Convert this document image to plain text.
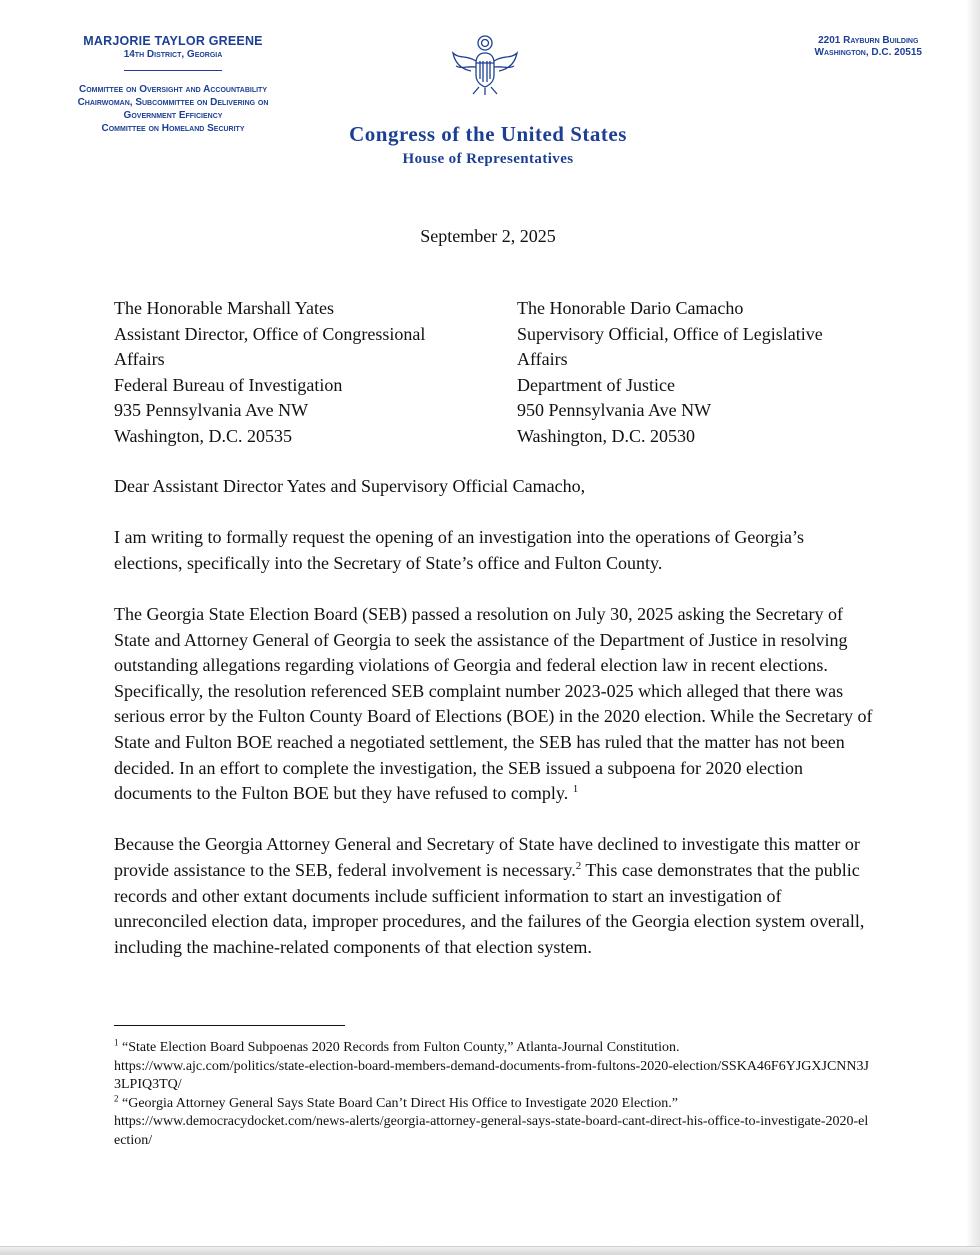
MARJORIE TAYLOR GREENE
14th District, Georgia
Committee on Oversight and Accountability
Chairwoman, Subcommittee on Delivering on
Government Efficiency
Committee on Homeland Security	Congress of the United States
House of Representatives
2201 Rayburn Building
Washington, D.C. 20515
September 2, 2025
The Honorable Marshall Yates
Assistant Director, Office of Congressional
Affairs
Federal Bureau of Investigation
935 Pennsylvania Ave NW
Washington, D.C. 20535
The Honorable Dario Camacho
Supervisory Official, Office of Legislative
Affairs
Department of Justice
950 Pennsylvania Ave NW
Washington, D.C. 20530

Dear Assistant Director Yates and Supervisory Official Camacho,

I am writing to formally request the opening of an investigation into the operations of Georgia’s elections, specifically into the Secretary of State’s office and Fulton County.

The Georgia State Election Board (SEB) passed a resolution on July 30, 2025 asking the Secretary of State and Attorney General of Georgia to seek the assistance of the Department of Justice in resolving outstanding allegations regarding violations of Georgia and federal election law in recent elections. Specifically, the resolution referenced SEB complaint number 2023-025 which alleged that there was serious error by the Fulton County Board of Elections (BOE) in the 2020 election. While the Secretary of State and Fulton BOE reached a negotiated settlement, the SEB has ruled that the matter has not been decided. In an effort to complete the investigation, the SEB issued a subpoena for 2020 election documents to the Fulton BOE but they have refused to comply. $^1$

Because the Georgia Attorney General and Secretary of State have declined to investigate this matter or provide assistance to the SEB, federal involvement is necessary.$^2$ This case demonstrates that the public records and other extant documents include sufficient information to start an investigation of unreconciled election data, improper procedures, and the failures of the Georgia election system overall, including the machine-related components of that election system.

$^1$ “State Election Board Subpoenas 2020 Records from Fulton County,” Atlanta-Journal Constitution.
https://www.ajc.com/politics/state-election-board-members-demand-documents-from-fultons-2020-election/SSKA46F6YJGXJCNN3J3LPIQ3TQ/
$^2$ “Georgia Attorney General Says State Board Can’t Direct His Office to Investigate 2020 Election.”
https://www.democracydocket.com/news-alerts/georgia-attorney-general-says-state-board-cant-direct-his-office-to-investigate-2020-election/
